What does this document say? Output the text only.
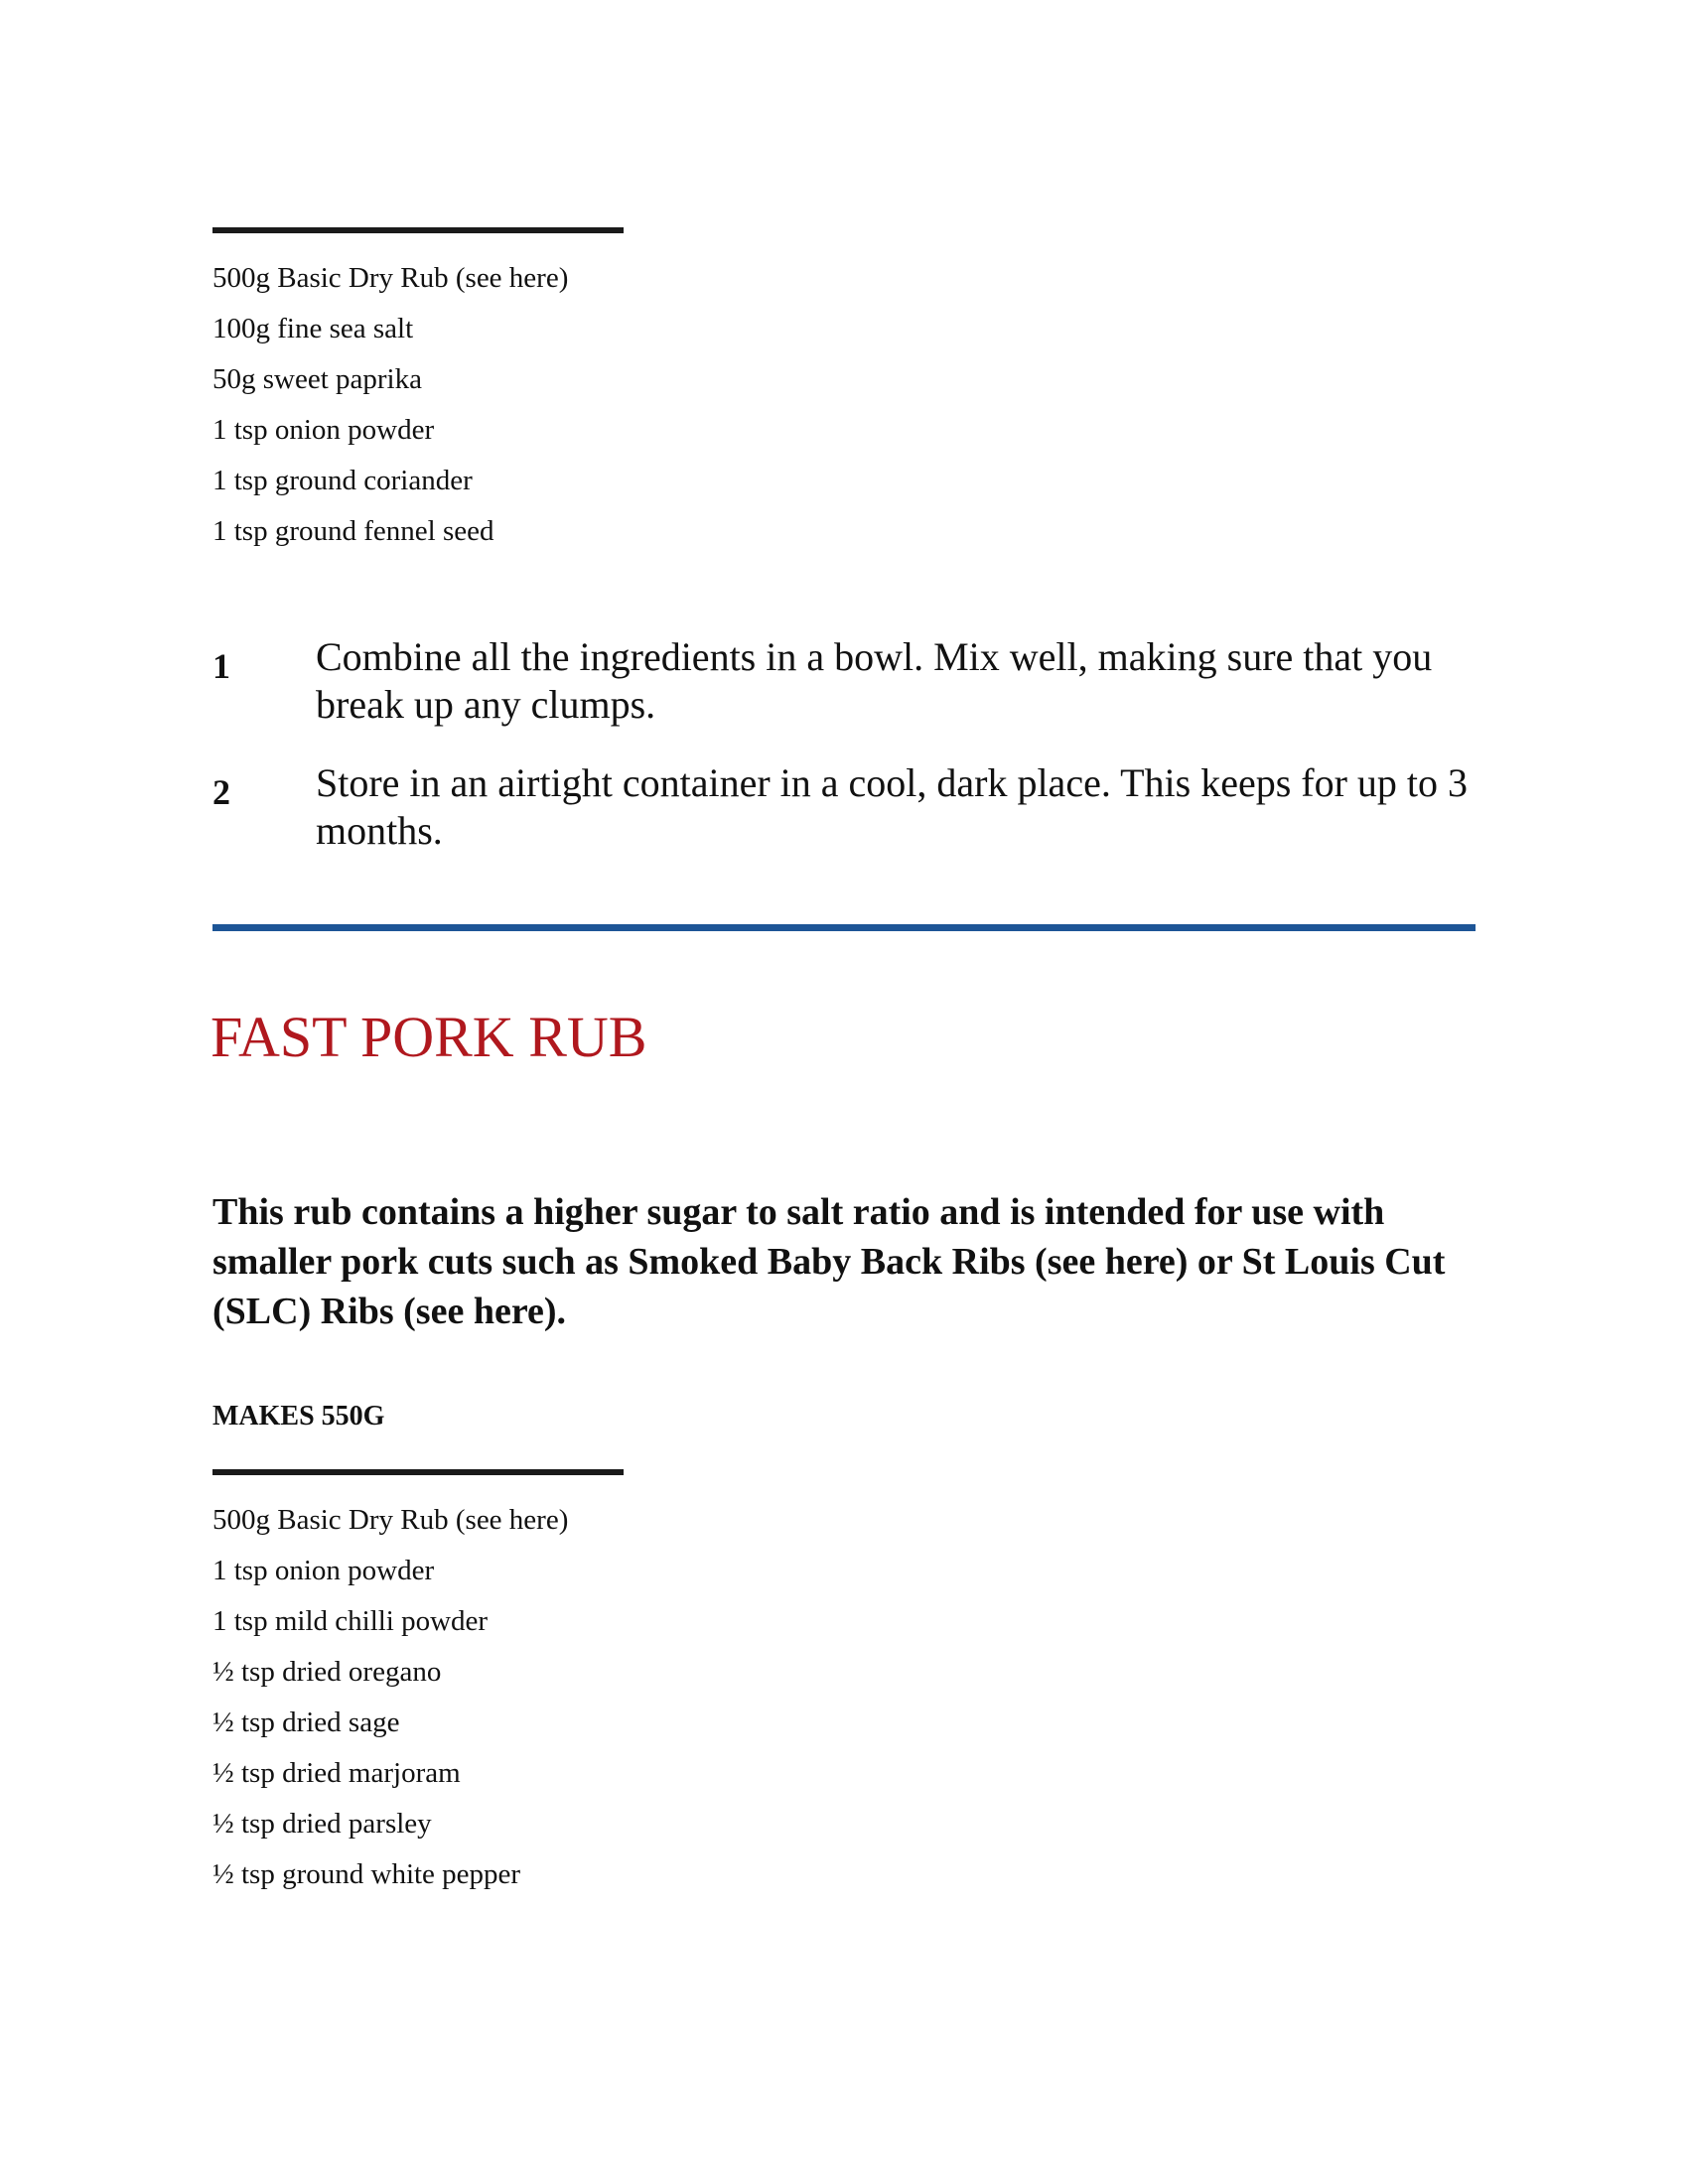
500g Basic Dry Rub (see here)
100g fine sea salt
50g sweet paprika
1 tsp onion powder
1 tsp ground coriander
1 tsp ground fennel seed
1 Combine all the ingredients in a bowl. Mix well, making sure that you break up any clumps.
2 Store in an airtight container in a cool, dark place. This keeps for up to 3 months.
FAST PORK RUB

This rub contains a higher sugar to salt ratio and is intended for use with smaller pork cuts such as Smoked Baby Back Ribs (see here) or St Louis Cut (SLC) Ribs (see here).

MAKES 550G
500g Basic Dry Rub (see here)
1 tsp onion powder
1 tsp mild chilli powder
½ tsp dried oregano
½ tsp dried sage
½ tsp dried marjoram
½ tsp dried parsley
½ tsp ground white pepper
